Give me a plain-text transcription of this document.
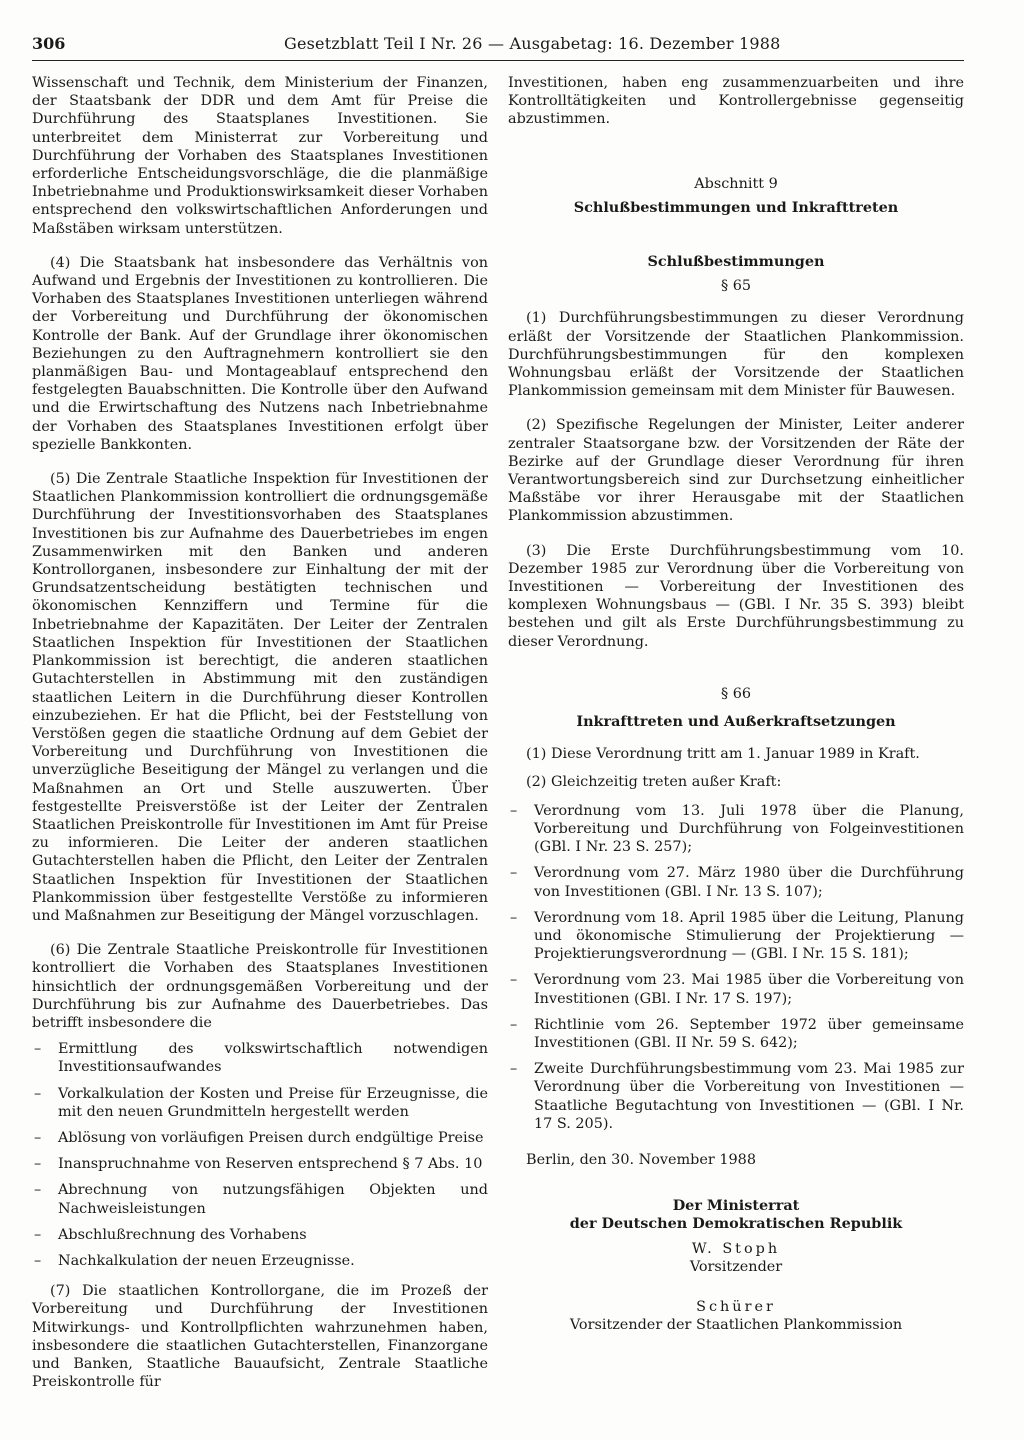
306	Gesetzblatt Teil I Nr. 26 — Ausgabetag: 16. Dezember 1988

Wissenschaft und Technik, dem Ministerium der Finanzen, der Staatsbank der DDR und dem Amt für Preise die Durchführung des Staatsplanes Investitionen. Sie unterbreitet dem Ministerrat zur Vorbereitung und Durchführung der Vorhaben des Staatsplanes Investitionen erforderliche Entscheidungsvorschläge, die die planmäßige Inbetriebnahme und Produktionswirksamkeit dieser Vorhaben entsprechend den volkswirtschaftlichen Anforderungen und Maßstäben wirksam unterstützen.

(4) Die Staatsbank hat insbesondere das Verhältnis von Aufwand und Ergebnis der Investitionen zu kontrollieren. Die Vorhaben des Staatsplanes Investitionen unterliegen während der Vorbereitung und Durchführung der ökonomischen Kontrolle der Bank. Auf der Grundlage ihrer ökonomischen Beziehungen zu den Auftragnehmern kontrolliert sie den planmäßigen Bau- und Montageablauf entsprechend den festgelegten Bauabschnitten. Die Kontrolle über den Aufwand und die Erwirtschaftung des Nutzens nach Inbetriebnahme der Vorhaben des Staatsplanes Investitionen erfolgt über spezielle Bankkonten.

(5) Die Zentrale Staatliche Inspektion für Investitionen der Staatlichen Plankommission kontrolliert die ordnungsgemäße Durchführung der Investitionsvorhaben des Staatsplanes Investitionen bis zur Aufnahme des Dauerbetriebes im engen Zusammenwirken mit den Banken und anderen Kontrollorganen, insbesondere zur Einhaltung der mit der Grundsatzentscheidung bestätigten technischen und ökonomischen Kennziffern und Termine für die Inbetriebnahme der Kapazitäten. Der Leiter der Zentralen Staatlichen Inspektion für Investitionen der Staatlichen Plankommission ist berechtigt, die anderen staatlichen Gutachterstellen in Abstimmung mit den zuständigen staatlichen Leitern in die Durchführung dieser Kontrollen einzubeziehen. Er hat die Pflicht, bei der Feststellung von Verstößen gegen die staatliche Ordnung auf dem Gebiet der Vorbereitung und Durchführung von Investitionen die unverzügliche Beseitigung der Mängel zu verlangen und die Maßnahmen an Ort und Stelle auszuwerten. Über festgestellte Preisverstöße ist der Leiter der Zentralen Staatlichen Preiskontrolle für Investitionen im Amt für Preise zu informieren. Die Leiter der anderen staatlichen Gutachterstellen haben die Pflicht, den Leiter der Zentralen Staatlichen Inspektion für Investitionen der Staatlichen Plankommission über festgestellte Verstöße zu informieren und Maßnahmen zur Beseitigung der Mängel vorzuschlagen.

(6) Die Zentrale Staatliche Preiskontrolle für Investitionen kontrolliert die Vorhaben des Staatsplanes Investitionen hinsichtlich der ordnungsgemäßen Vorbereitung und der Durchführung bis zur Aufnahme des Dauerbetriebes. Das betrifft insbesondere die

– Ermittlung des volkswirtschaftlich notwendigen Investitionsaufwandes
– Vorkalkulation der Kosten und Preise für Erzeugnisse, die mit den neuen Grundmitteln hergestellt werden
– Ablösung von vorläufigen Preisen durch endgültige Preise
– Inanspruchnahme von Reserven entsprechend § 7 Abs. 10
– Abrechnung von nutzungsfähigen Objekten und Nachweisleistungen
– Abschlußrechnung des Vorhabens
– Nachkalkulation der neuen Erzeugnisse.

(7) Die staatlichen Kontrollorgane, die im Prozeß der Vorbereitung und Durchführung der Investitionen Mitwirkungs- und Kontrollpflichten wahrzunehmen haben, insbesondere die staatlichen Gutachterstellen, Finanzorgane und Banken, Staatliche Bauaufsicht, Zentrale Staatliche Preiskontrolle für

Investitionen, haben eng zusammenzuarbeiten und ihre Kontrolltätigkeiten und Kontrollergebnisse gegenseitig abzustimmen.

Abschnitt 9

Schlußbestimmungen und Inkrafttreten

Schlußbestimmungen

§ 65

(1) Durchführungsbestimmungen zu dieser Verordnung erläßt der Vorsitzende der Staatlichen Plankommission. Durchführungsbestimmungen für den komplexen Wohnungsbau erläßt der Vorsitzende der Staatlichen Plankommission gemeinsam mit dem Minister für Bauwesen.

(2) Spezifische Regelungen der Minister, Leiter anderer zentraler Staatsorgane bzw. der Vorsitzenden der Räte der Bezirke auf der Grundlage dieser Verordnung für ihren Verantwortungsbereich sind zur Durchsetzung einheitlicher Maßstäbe vor ihrer Herausgabe mit der Staatlichen Plankommission abzustimmen.

(3) Die Erste Durchführungsbestimmung vom 10. Dezember 1985 zur Verordnung über die Vorbereitung von Investitionen — Vorbereitung der Investitionen des komplexen Wohnungsbaus — (GBl. I Nr. 35 S. 393) bleibt bestehen und gilt als Erste Durchführungsbestimmung zu dieser Verordnung.

§ 66

Inkrafttreten und Außerkraftsetzungen

(1) Diese Verordnung tritt am 1. Januar 1989 in Kraft.

(2) Gleichzeitig treten außer Kraft:

– Verordnung vom 13. Juli 1978 über die Planung, Vorbereitung und Durchführung von Folgeinvestitionen (GBl. I Nr. 23 S. 257);
– Verordnung vom 27. März 1980 über die Durchführung von Investitionen (GBl. I Nr. 13 S. 107);
– Verordnung vom 18. April 1985 über die Leitung, Planung und ökonomische Stimulierung der Projektierung — Projektierungsverordnung — (GBl. I Nr. 15 S. 181);
– Verordnung vom 23. Mai 1985 über die Vorbereitung von Investitionen (GBl. I Nr. 17 S. 197);
– Richtlinie vom 26. September 1972 über gemeinsame Investitionen (GBl. II Nr. 59 S. 642);
– Zweite Durchführungsbestimmung vom 23. Mai 1985 zur Verordnung über die Vorbereitung von Investitionen — Staatliche Begutachtung von Investitionen — (GBl. I Nr. 17 S. 205).

Berlin, den 30. November 1988

Der Ministerrat

der Deutschen Demokratischen Republik

W. Stoph

Vorsitzender

Schürer

Vorsitzender der Staatlichen Plankommission
